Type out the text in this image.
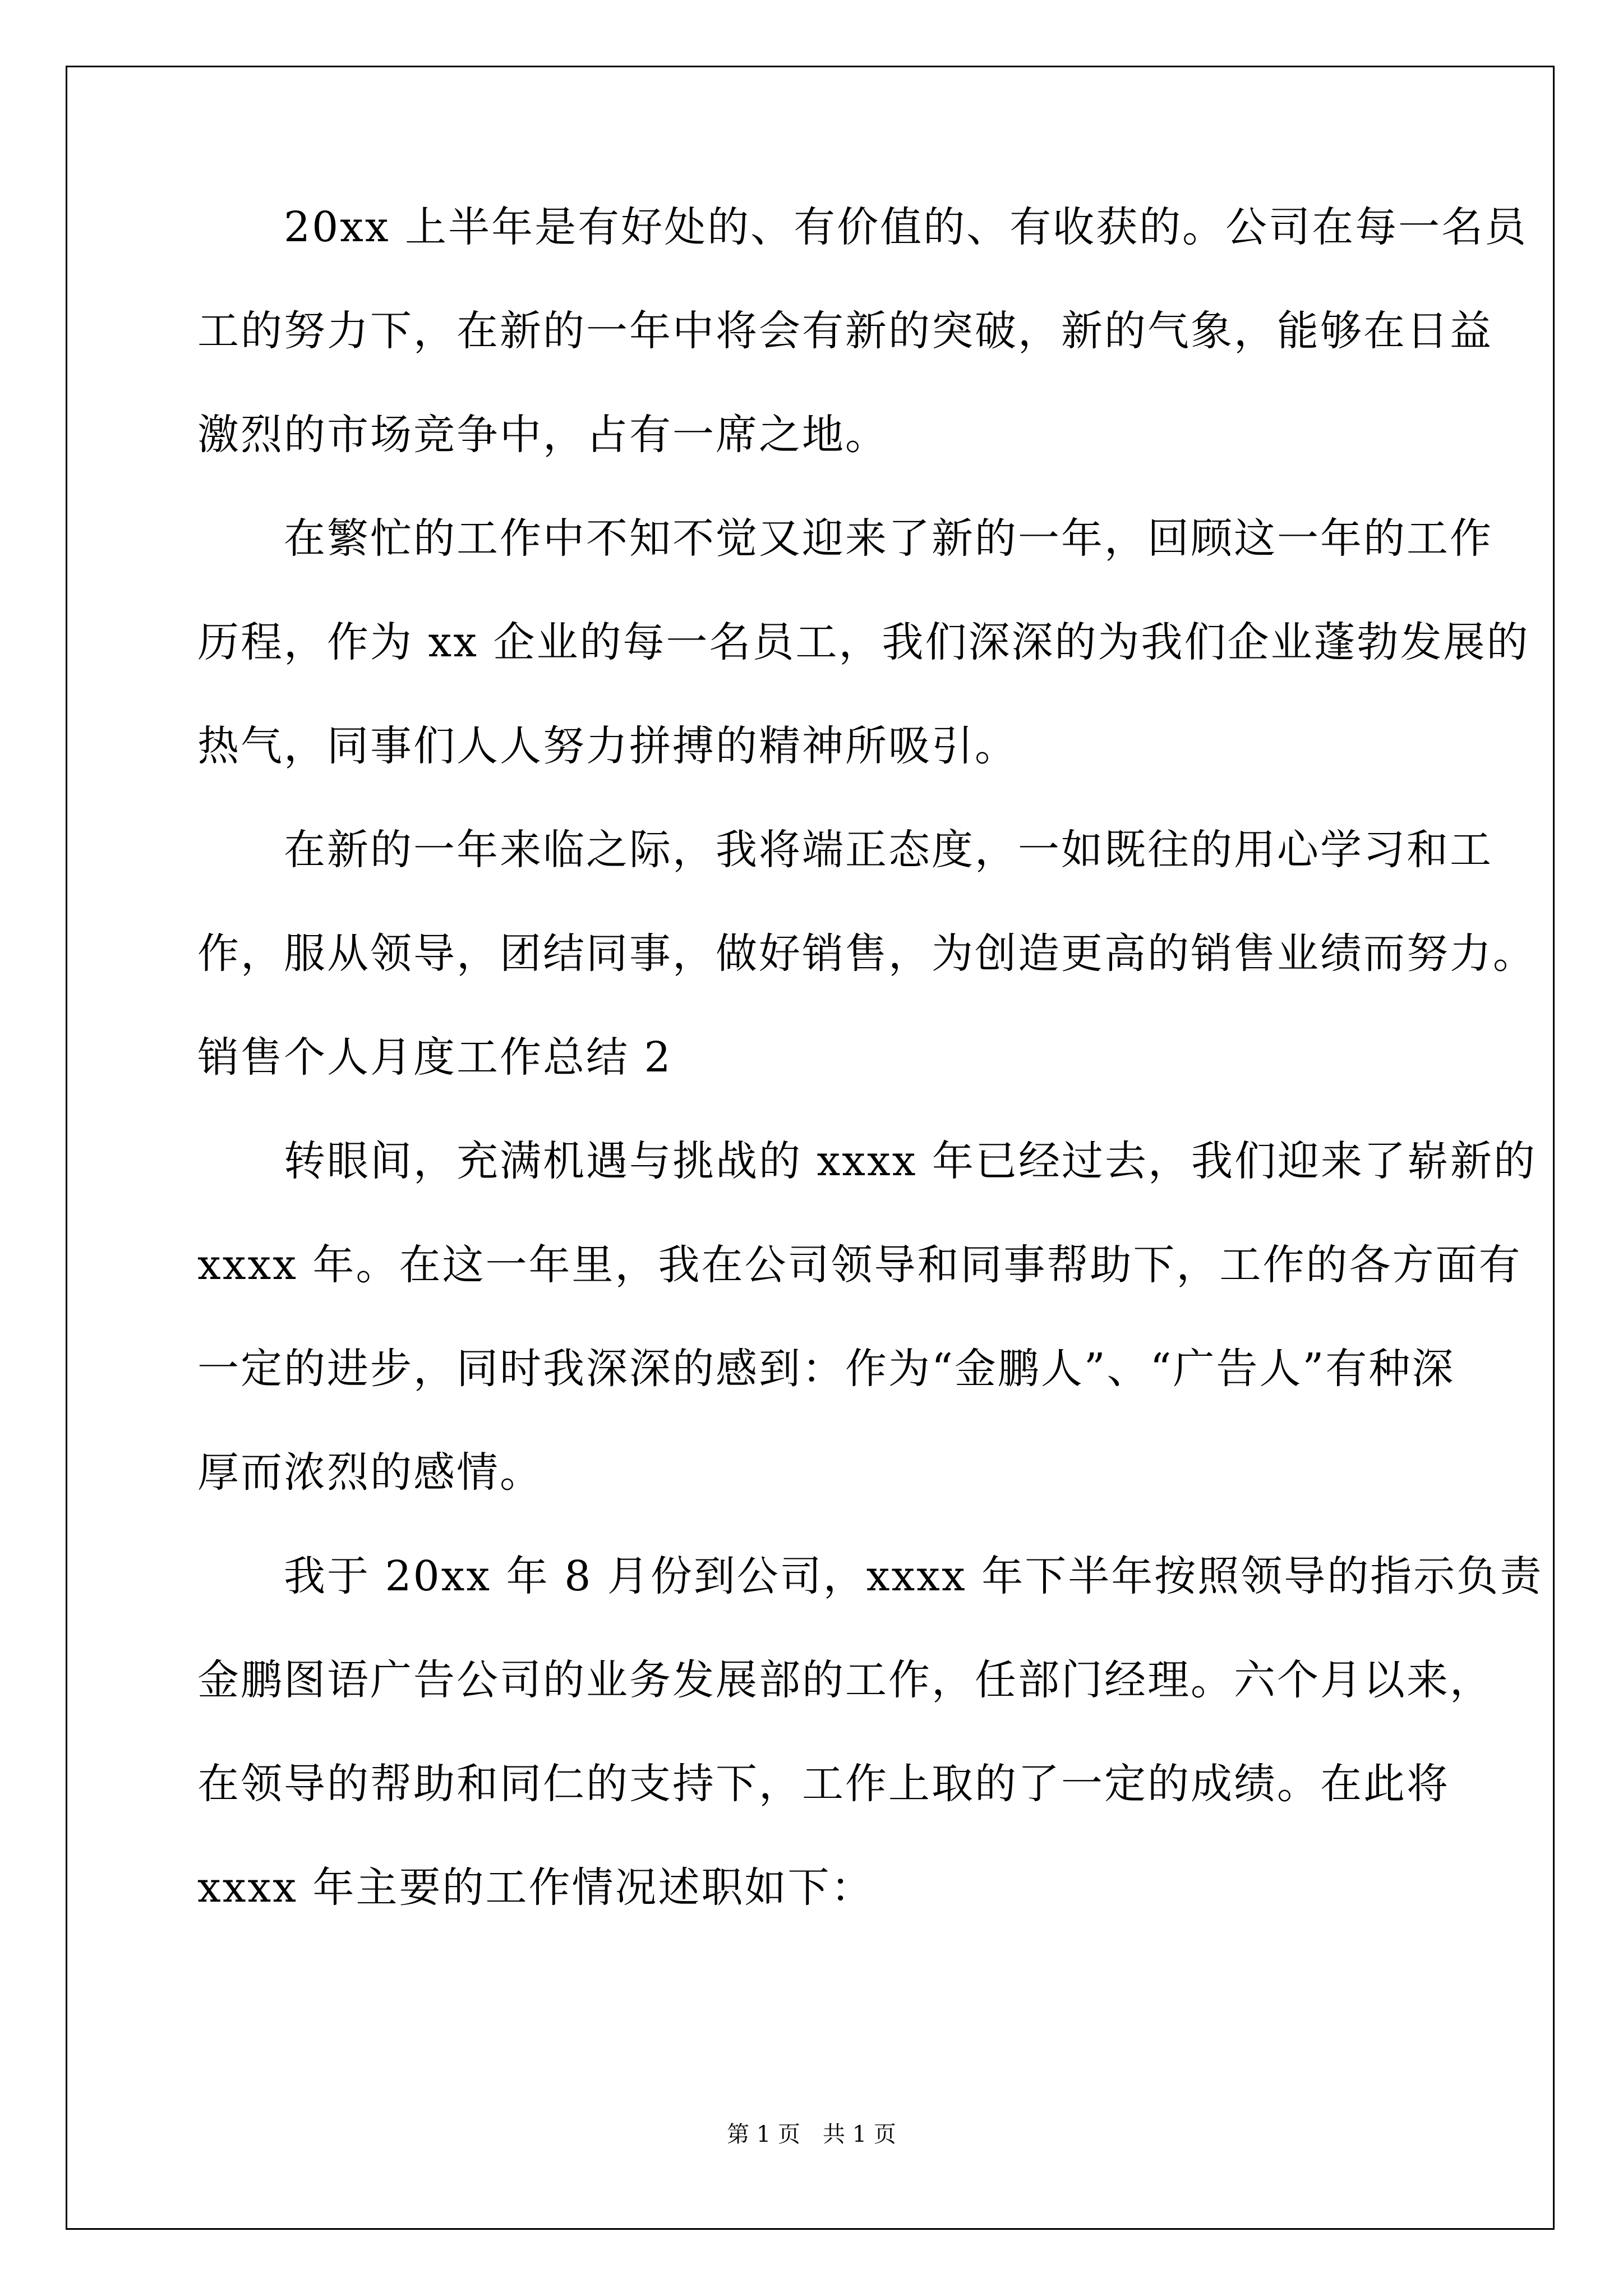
　　20xx 上半年是有好处的、有价值的、有收获的。公司在每一名员
工的努力下，在新的一年中将会有新的突破，新的气象，能够在日益
激烈的市场竞争中，占有一席之地。
　　在繁忙的工作中不知不觉又迎来了新的一年，回顾这一年的工作
历程，作为 xx 企业的每一名员工，我们深深的为我们企业蓬勃发展的
热气，同事们人人努力拼搏的精神所吸引。
　　在新的一年来临之际，我将端正态度，一如既往的用心学习和工
作，服从领导，团结同事，做好销售，为创造更高的销售业绩而努力。
销售个人月度工作总结 2
　　转眼间，充满机遇与挑战的 xxxx 年已经过去，我们迎来了崭新的
xxxx 年。在这一年里，我在公司领导和同事帮助下，工作的各方面有
一定的进步，同时我深深的感到：作为“金鹏人”、“广告人”有种深
厚而浓烈的感情。
　　我于 20xx 年 8 月份到公司，xxxx 年下半年按照领导的指示负责
金鹏图语广告公司的业务发展部的工作，任部门经理。六个月以来，
在领导的帮助和同仁的支持下，工作上取的了一定的成绩。在此将
xxxx 年主要的工作情况述职如下：
第 1 页　共 1 页
